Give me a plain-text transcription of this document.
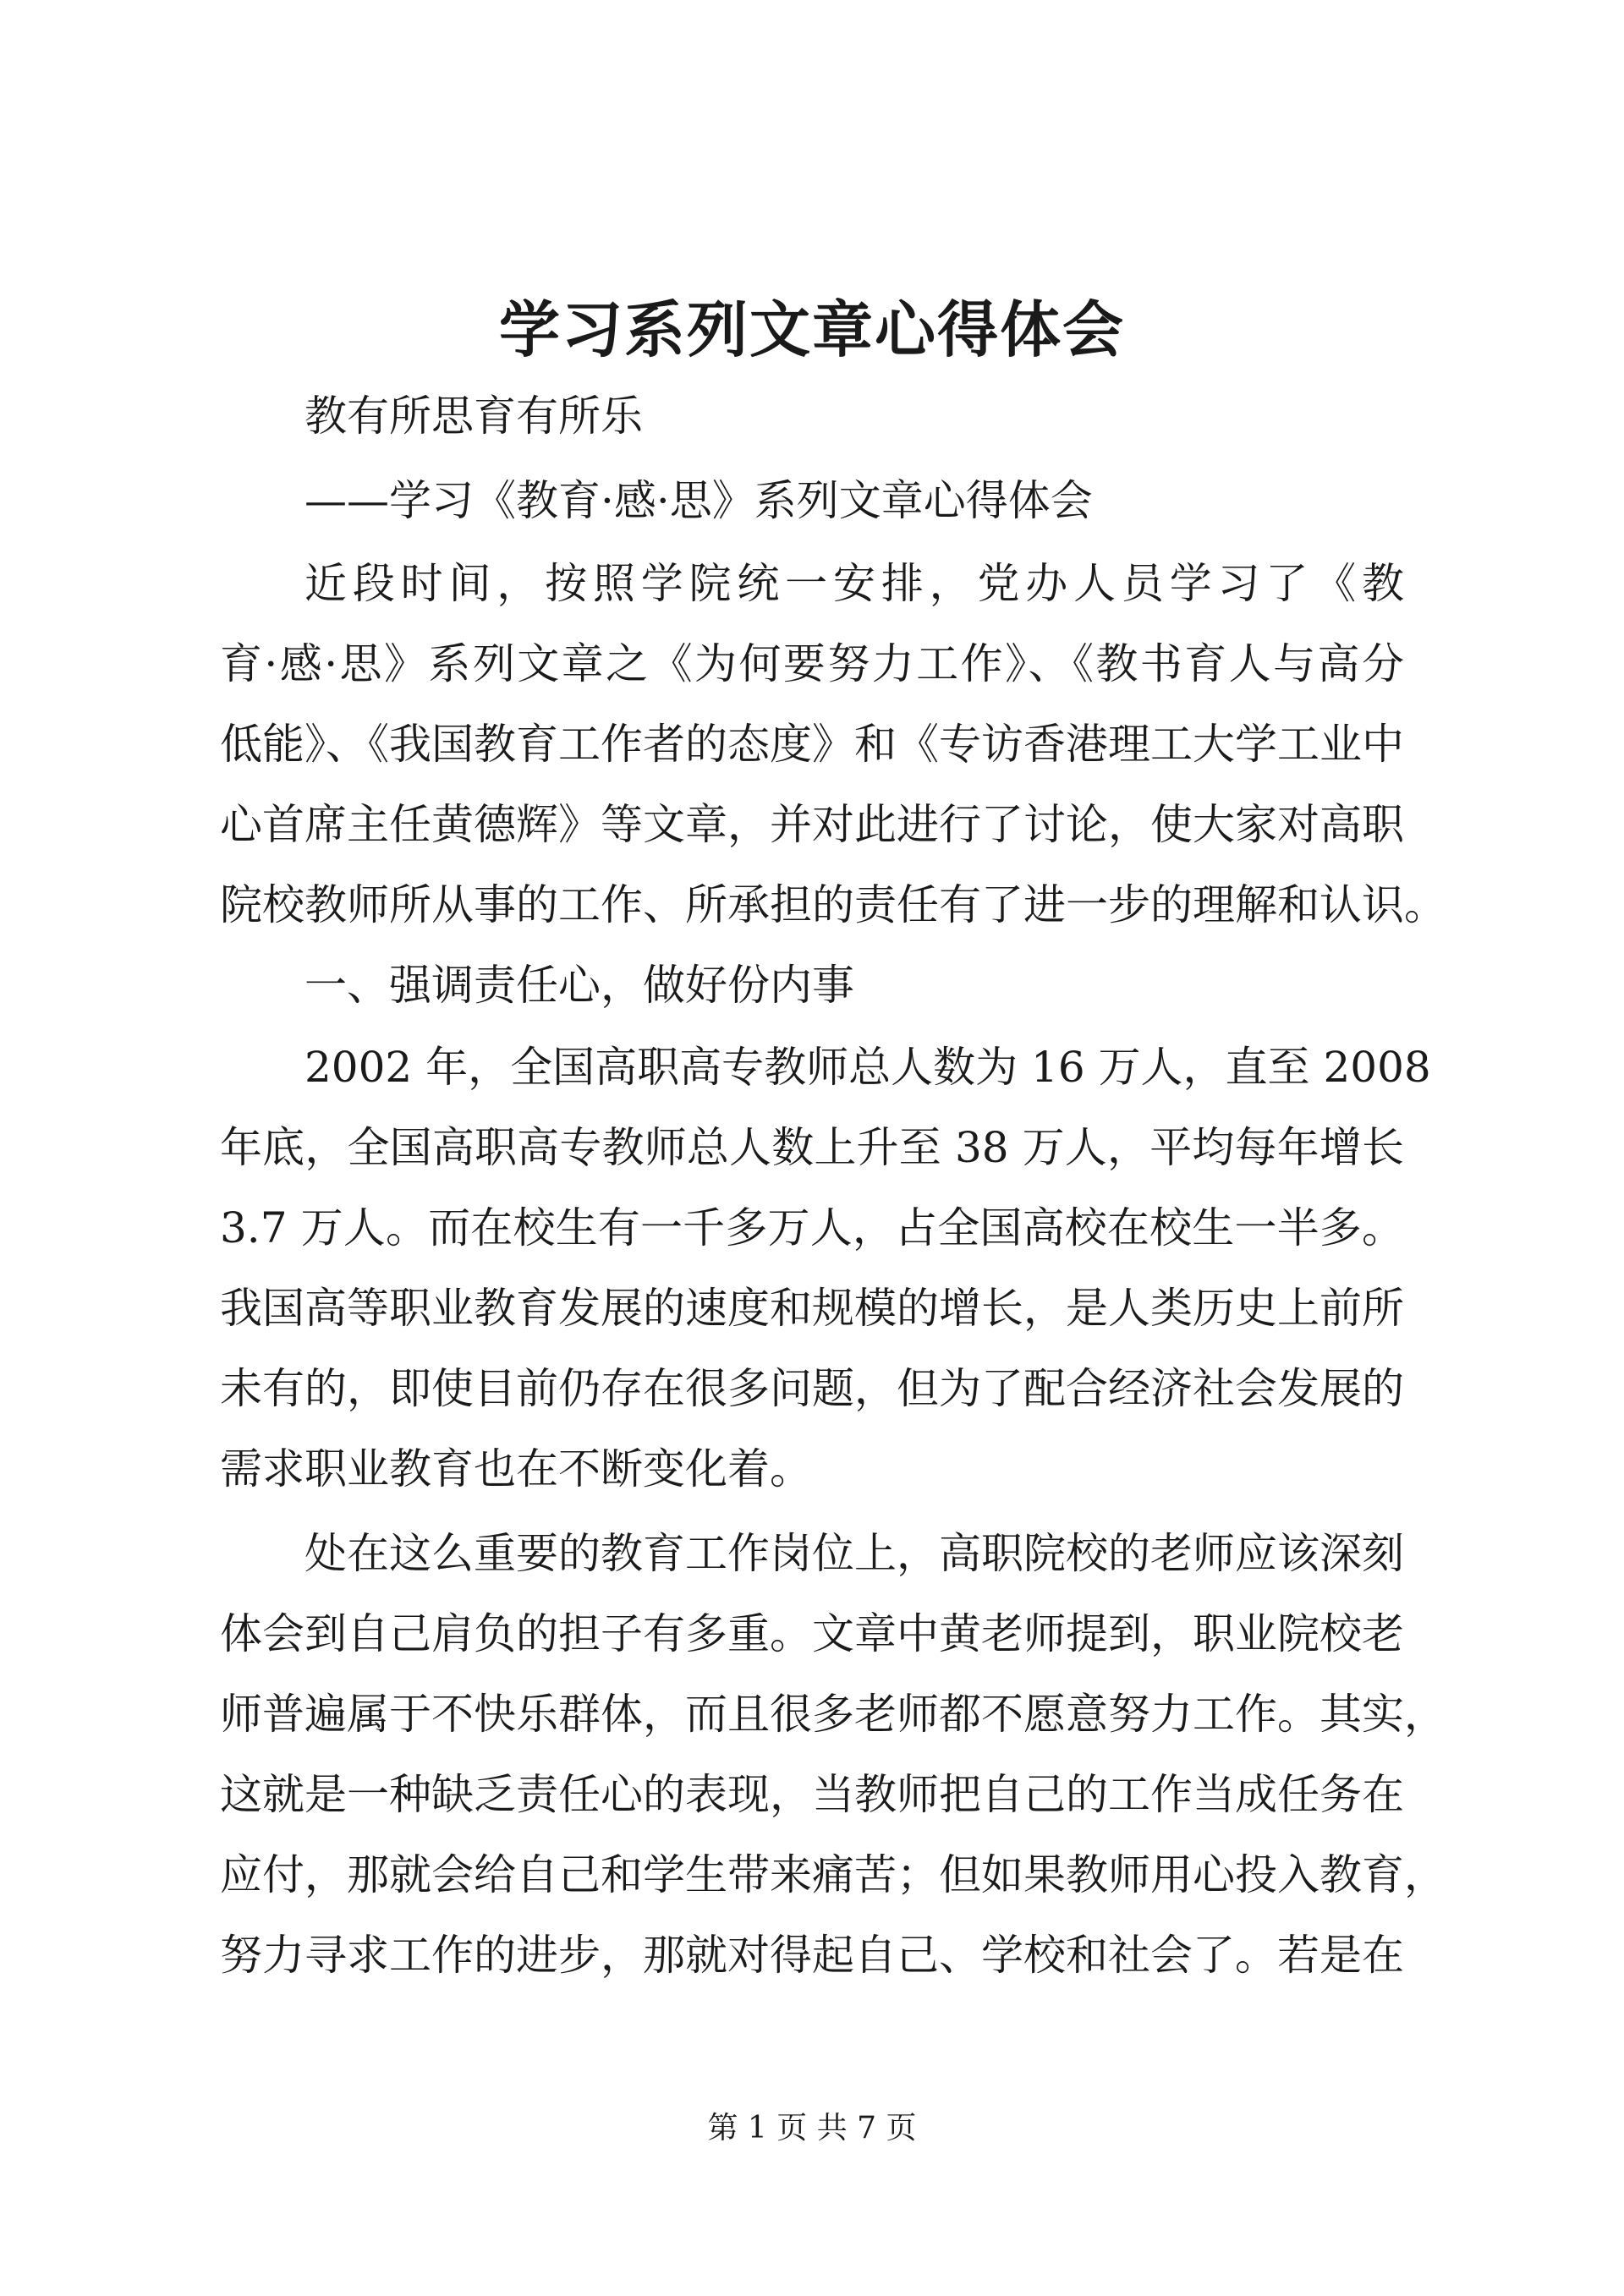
学习系列文章心得体会

教有所思育有所乐

——学习《教育·感·思》系列文章心得体会

近段时间，按照学院统一安排，党办人员学习了《教

育·感·思》系列文章之《为何要努力工作》、《教书育人与高分

低能》、《我国教育工作者的态度》和《专访香港理工大学工业中

心首席主任黄德辉》等文章，并对此进行了讨论，使大家对高职

院校教师所从事的工作、所承担的责任有了进一步的理解和认识。

一、强调责任心，做好份内事

2002 年，全国高职高专教师总人数为 16 万人，直至 2008

年底，全国高职高专教师总人数上升至 38 万人，平均每年增长

3.7 万人。而在校生有一千多万人，占全国高校在校生一半多。

我国高等职业教育发展的速度和规模的增长，是人类历史上前所

未有的，即使目前仍存在很多问题，但为了配合经济社会发展的

需求职业教育也在不断变化着。

处在这么重要的教育工作岗位上，高职院校的老师应该深刻

体会到自己肩负的担子有多重。文章中黄老师提到，职业院校老

师普遍属于不快乐群体，而且很多老师都不愿意努力工作。其实，

这就是一种缺乏责任心的表现，当教师把自己的工作当成任务在

应付，那就会给自己和学生带来痛苦；但如果教师用心投入教育，

努力寻求工作的进步，那就对得起自己、学校和社会了。若是在

第 1 页 共 7 页
